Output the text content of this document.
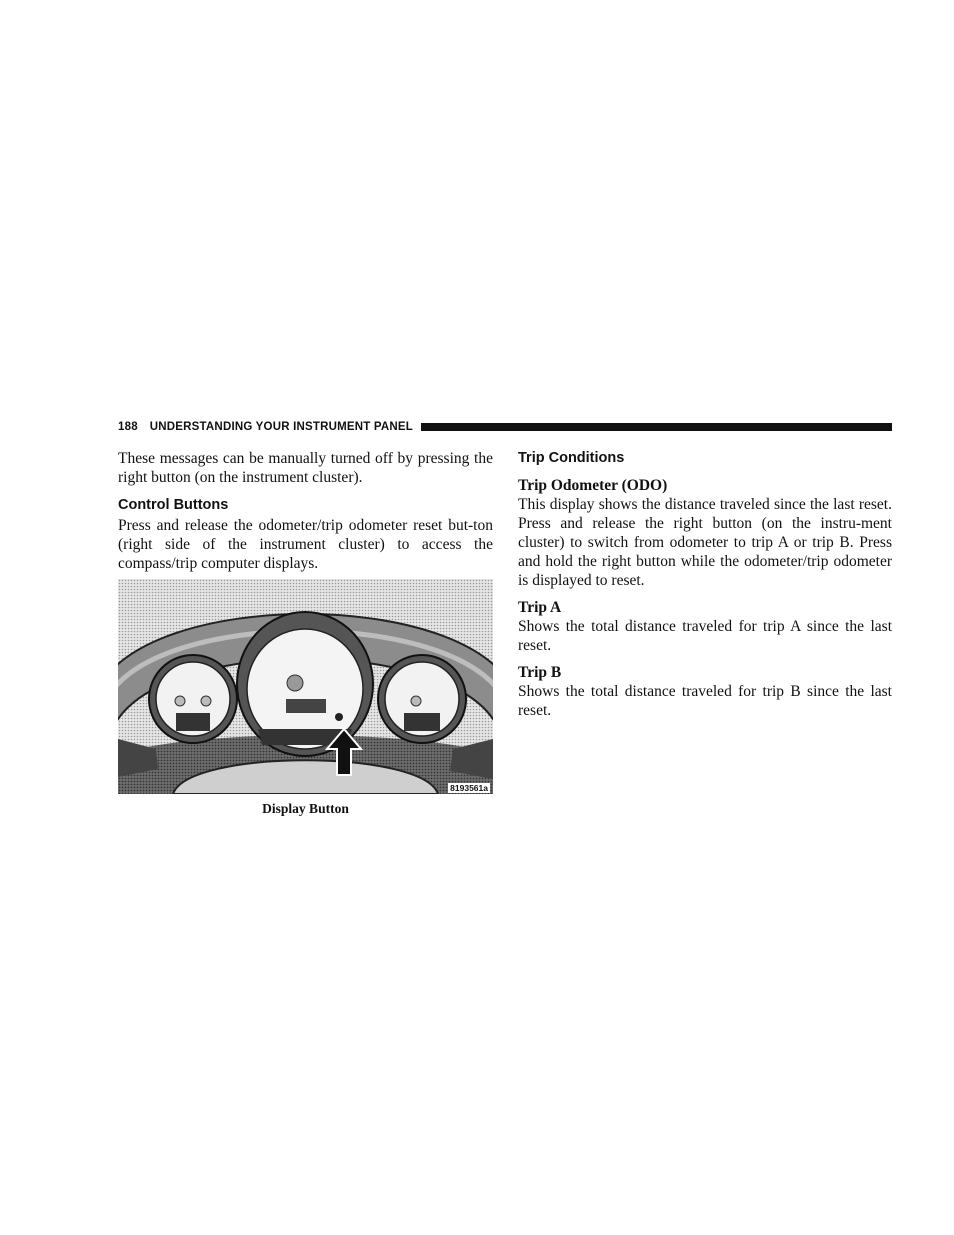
188 UNDERSTANDING YOUR INSTRUMENT PANEL

These messages can be manually turned off by pressing the right button (on the instrument cluster).

Control Buttons

Press and release the odometer/trip odometer reset but-ton (right side of the instrument cluster) to access the compass/trip computer displays.

8193561a
Display Button
Trip Conditions
Trip Odometer (ODO)

This display shows the distance traveled since the last reset. Press and release the right button (on the instru-ment cluster) to switch from odometer to trip A or trip B. Press and hold the right button while the odometer/trip odometer is displayed to reset.

Trip A

Shows the total distance traveled for trip A since the last reset.

Trip B

Shows the total distance traveled for trip B since the last reset.
